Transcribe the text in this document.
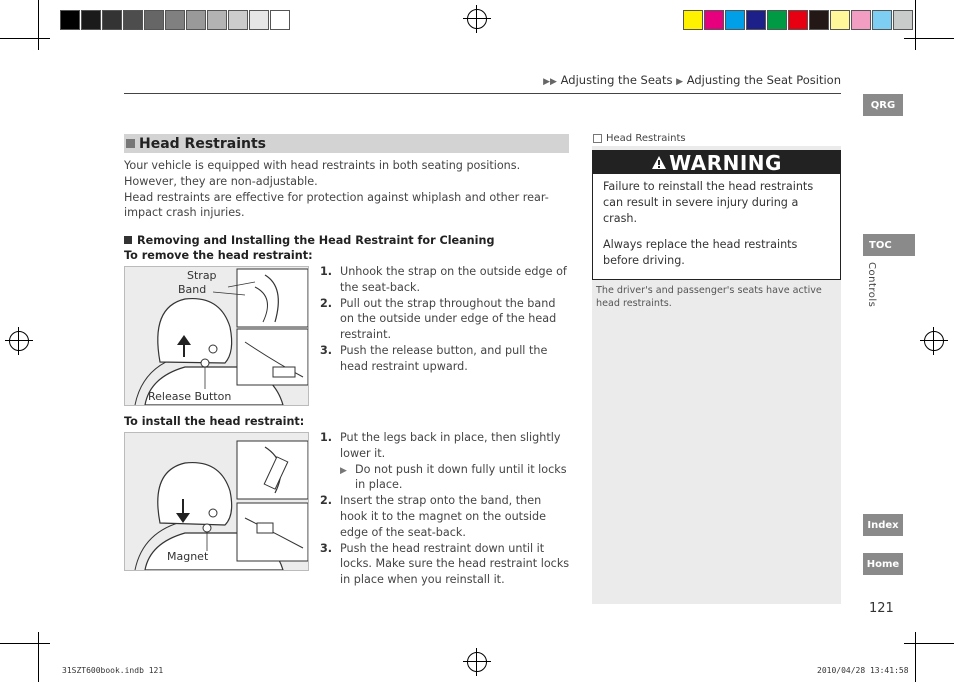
▶▶ Adjusting the Seats ▶ Adjusting the Seat Position
QRG
TOC
Controls
Index
Home
Head Restraints
Your vehicle is equipped with head restraints in both seating positions. However, they are non-adjustable.
Head restraints are effective for protection against whiplash and other rear-impact crash injuries.
Removing and Installing the Head Restraint for Cleaning
To remove the head restraint:
Strap
Band
Release Button
1. Unhook the strap on the outside edge of the seat-back.
2. Pull out the strap throughout the band on the outside under edge of the head restraint.
3. Push the release button, and pull the head restraint upward.
To install the head restraint:
Magnet
1. Put the legs back in place, then slightly lower it.
▶ Do not push it down fully until it locks in place.
2. Insert the strap onto the band, then hook it to the magnet on the outside edge of the seat-back.
3. Push the head restraint down until it locks. Make sure the head restraint locks in place when you reinstall it.
Head Restraints
WARNING

Failure to reinstall the head restraints can result in severe injury during a crash.

Always replace the head restraints before driving.

The driver's and passenger's seats have active head restraints.
121
31SZT600book.indb 121	2010/04/28 13:41:58
